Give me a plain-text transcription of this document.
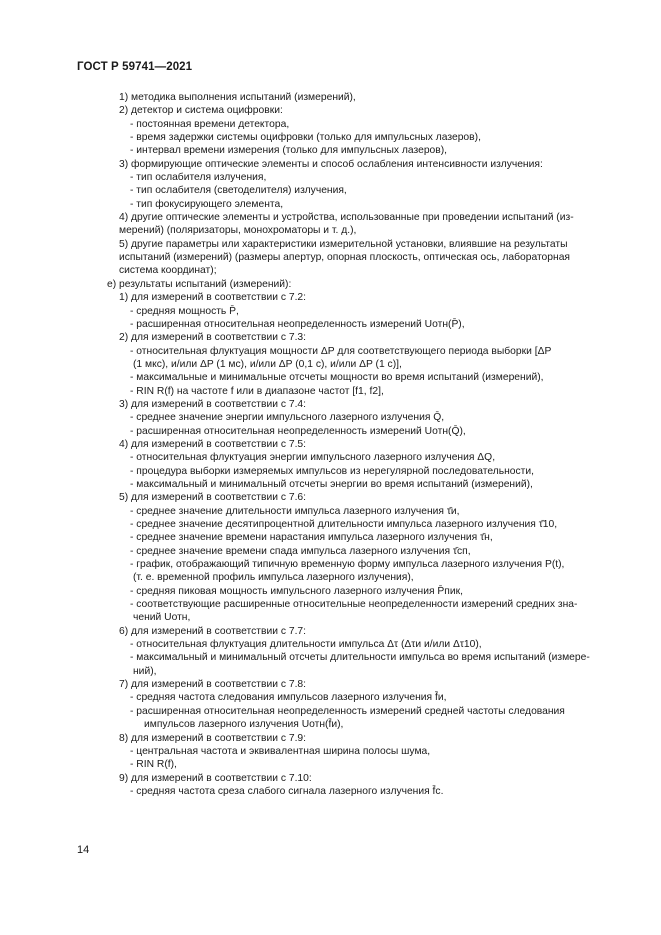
ГОСТ Р 59741—2021
1) методика выполнения испытаний (измерений),
2) детектор и система оцифровки:
- постоянная времени детектора,
- время задержки системы оцифровки (только для импульсных лазеров),
- интервал времени измерения (только для импульсных лазеров),
3) формирующие оптические элементы и способ ослабления интенсивности излучения:
- тип ослабителя излучения,
- тип ослабителя (светоделителя) излучения,
- тип фокусирующего элемента,
4) другие оптические элементы и устройства, использованные при проведении испытаний (из-
мерений) (поляризаторы, монохроматоры и т. д.),
5) другие параметры или характеристики измерительной установки, влиявшие на результаты
испытаний (измерений) (размеры апертур, опорная плоскость, оптическая ось, лабораторная
система координат);
е) результаты испытаний (измерений):
1) для измерений в соответствии с 7.2:
- средняя мощность P̄,
- расширенная относительная неопределенность измерений Uотн(P̄),
2) для измерений в соответствии с 7.3:
- относительная флуктуация мощности ΔP для соответствующего периода выборки [ΔP
(1 мкс), и/или ΔP (1 мс), и/или ΔP (0,1 с), и/или ΔP (1 с)],
- максимальные и минимальные отсчеты мощности во время испытаний (измерений),
- RIN R(f) на частоте f или в диапазоне частот [f1, f2],
3) для измерений в соответствии с 7.4:
- среднее значение энергии импульсного лазерного излучения Q̄,
- расширенная относительная неопределенность измерений Uотн(Q̄),
4) для измерений в соответствии с 7.5:
- относительная флуктуация энергии импульсного лазерного излучения ΔQ,
- процедура выборки измеряемых импульсов из нерегулярной последовательности,
- максимальный и минимальный отсчеты энергии во время испытаний (измерений),
5) для измерений в соответствии с 7.6:
- среднее значение длительности импульса лазерного излучения τ̄и,
- среднее значение десятипроцентной длительности импульса лазерного излучения τ̄10,
- среднее значение времени нарастания импульса лазерного излучения τ̄н,
- среднее значение времени спада импульса лазерного излучения τ̄сп,
- график, отображающий типичную временную форму импульса лазерного излучения P(t),
(т. е. временной профиль импульса лазерного излучения),
- средняя пиковая мощность импульсного лазерного излучения P̄пик,
- соответствующие расширенные относительные неопределенности измерений средних зна-
чений Uотн,
6) для измерений в соответствии с 7.7:
- относительная флуктуация длительности импульса Δτ (Δτи и/или Δτ10),
- максимальный и минимальный отсчеты длительности импульса во время испытаний (измере-
ний),
7) для измерений в соответствии с 7.8:
- средняя частота следования импульсов лазерного излучения f̄и,
- расширенная относительная неопределенность измерений средней частоты следования
импульсов лазерного излучения Uотн(f̄и),
8) для измерений в соответствии с 7.9:
- центральная частота и эквивалентная ширина полосы шума,
- RIN R(f),
9) для измерений в соответствии с 7.10:
- средняя частота среза слабого сигнала лазерного излучения f̄с.
14
